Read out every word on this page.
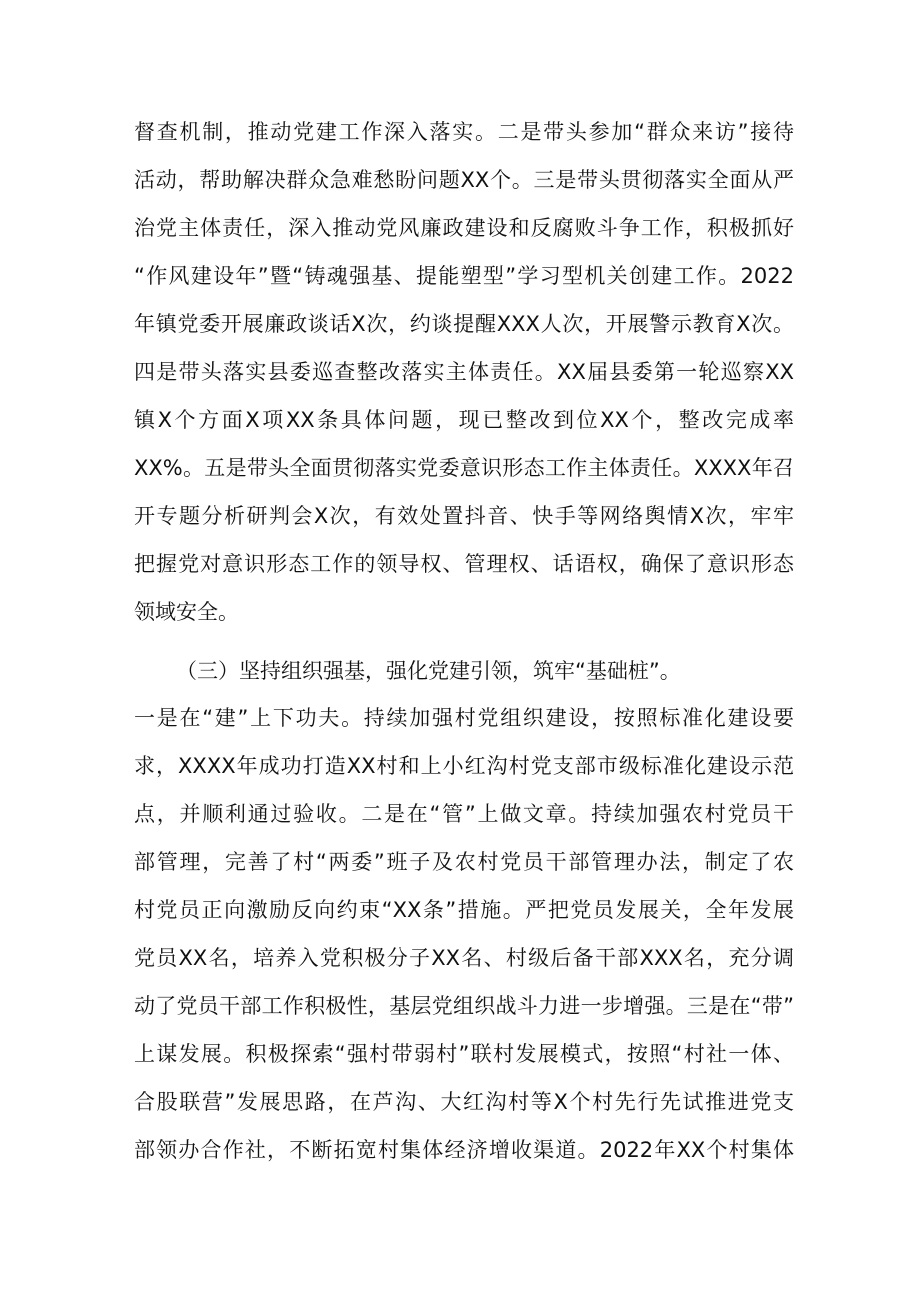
督查机制，推动党建工作深入落实。二是带头参加“群众来访”接待

活动，帮助解决群众急难愁盼问题XX个。三是带头贯彻落实全面从严

治党主体责任，深入推动党风廉政建设和反腐败斗争工作，积极抓好

“作风建设年”暨“铸魂强基、提能塑型”学习型机关创建工作。2022

年镇党委开展廉政谈话X次，约谈提醒XXX人次，开展警示教育X次。

四是带头落实县委巡查整改落实主体责任。XX届县委第一轮巡察XX

镇X个方面X项XX条具体问题，现已整改到位XX个，整改完成率

XX%。五是带头全面贯彻落实党委意识形态工作主体责任。XXXX年召

开专题分析研判会X次，有效处置抖音、快手等网络舆情X次，牢牢

把握党对意识形态工作的领导权、管理权、话语权，确保了意识形态

领域安全。

（三）坚持组织强基，强化党建引领，筑牢“基础桩”。

一是在“建”上下功夫。持续加强村党组织建设，按照标准化建设要

求，XXXX年成功打造XX村和上小红沟村党支部市级标准化建设示范

点，并顺利通过验收。二是在“管”上做文章。持续加强农村党员干

部管理，完善了村“两委”班子及农村党员干部管理办法，制定了农

村党员正向激励反向约束“XX条”措施。严把党员发展关，全年发展

党员XX名，培养入党积极分子XX名、村级后备干部XXX名，充分调

动了党员干部工作积极性，基层党组织战斗力进一步增强。三是在“带”

上谋发展。积极探索“强村带弱村”联村发展模式，按照“村社一体、

合股联营”发展思路，在芦沟、大红沟村等X个村先行先试推进党支

部领办合作社，不断拓宽村集体经济增收渠道。2022年XX个村集体
